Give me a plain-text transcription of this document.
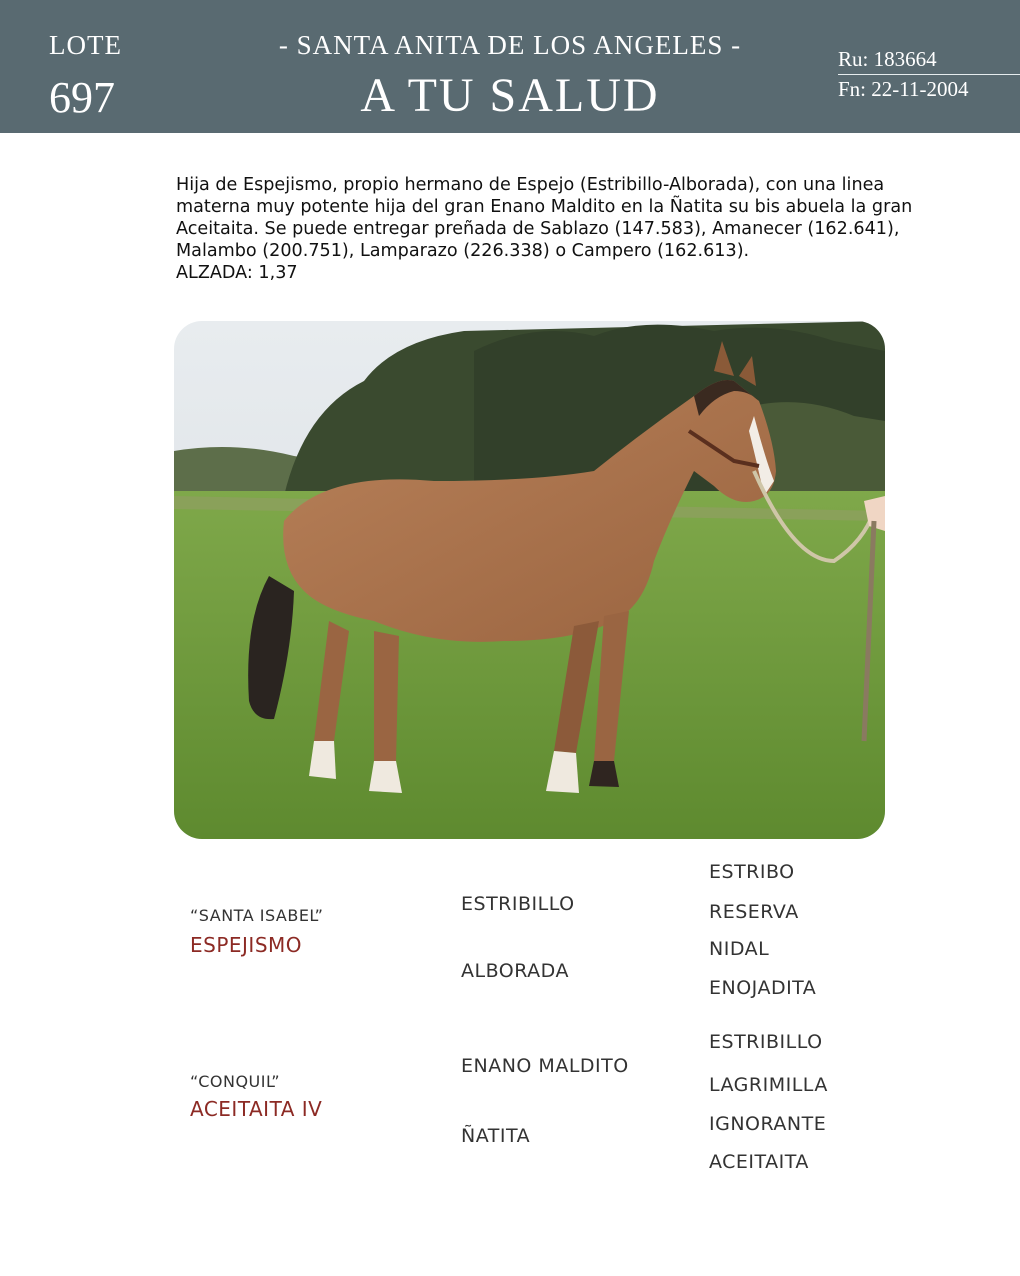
LOTE
697
- SANTA ANITA DE LOS ANGELES -
A TU SALUD
Ru: 183664
Fn: 22-11-2004

Hija de Espejismo, propio hermano de Espejo (Estribillo-Alborada), con una linea materna muy potente hija del gran Enano Maldito en la Ñatita su bis abuela la gran Aceitaita. Se puede entregar preñada de Sablazo (147.583), Amanecer (162.641), Malambo (200.751), Lamparazo (226.338) o Campero (162.613).

ALZADA: 1,37

“SANTA ISABEL”
ESPEJISMO
ESTRIBILLO
ALBORADA
ESTRIBO
RESERVA
NIDAL
ENOJADITA
“CONQUIL”
ACEITAITA IV
ENANO MALDITO
ÑATITA
ESTRIBILLO
LAGRIMILLA
IGNORANTE
ACEITAITA
